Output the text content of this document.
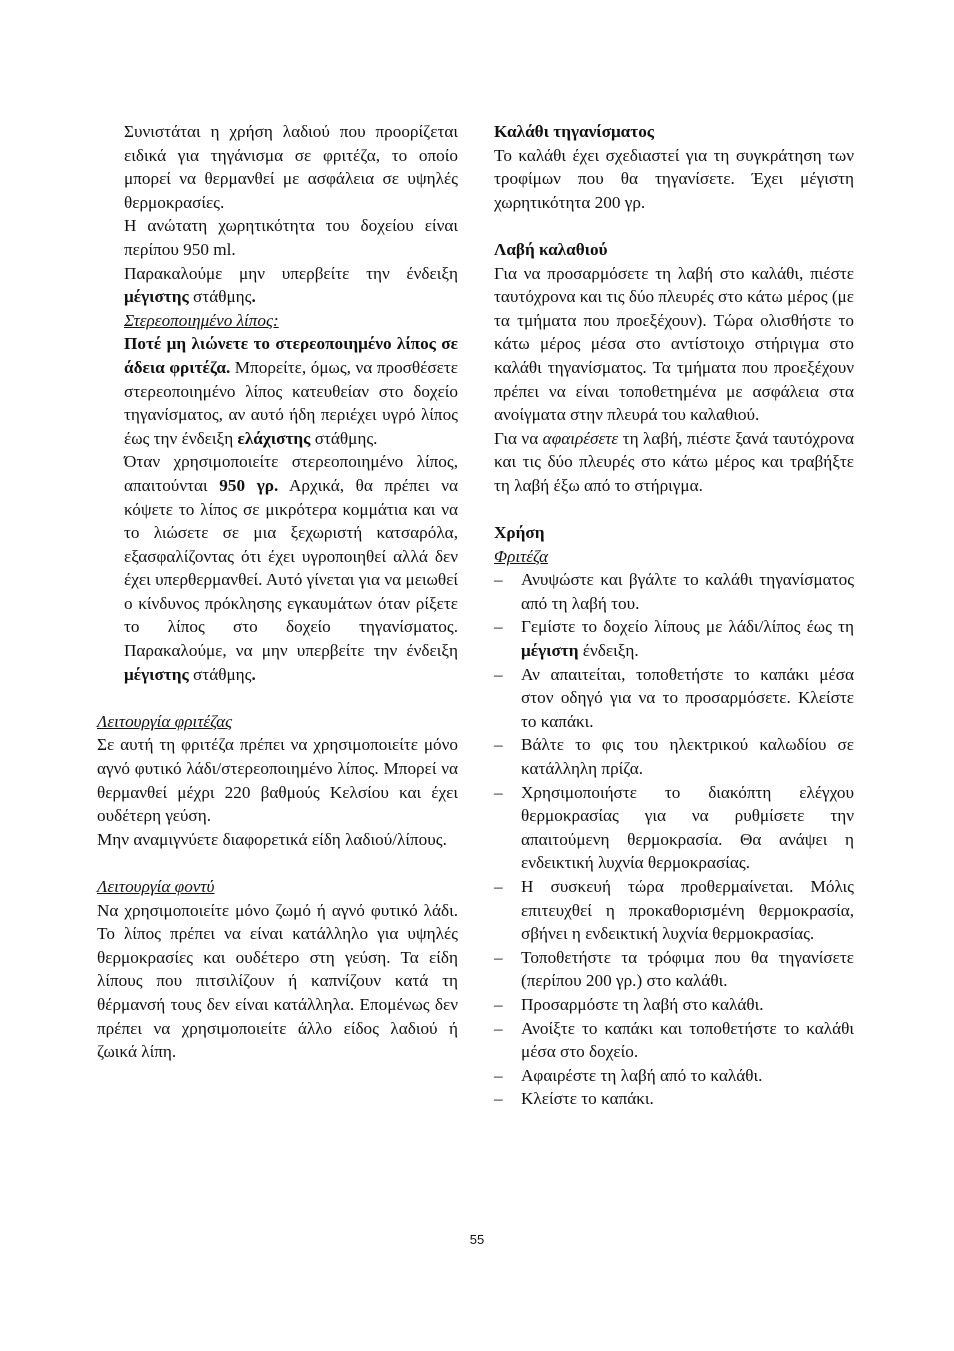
Συνιστάται η χρήση λαδιού που προορίζεται ειδικά για τηγάνισμα σε φριτέζα, το οποίο μπορεί να θερμανθεί με ασφάλεια σε υψηλές θερμοκρασίες.

Η ανώτατη χωρητικότητα του δοχείου είναι περίπου 950 ml.

Παρακαλούμε μην υπερβείτε την ένδειξη μέγιστης στάθμης.

Στερεοποιημένο λίπος:

Ποτέ μη λιώνετε το στερεοποιημένο λίπος σε άδεια φριτέζα. Μπορείτε, όμως, να προσθέσετε στερεοποιημένο λίπος κατευθείαν στο δοχείο τηγανίσματος, αν αυτό ήδη περιέχει υγρό λίπος έως την ένδειξη ελάχιστης στάθμης.

Όταν χρησιμοποιείτε στερεοποιημένο λίπος, απαιτούνται 950 γρ. Αρχικά, θα πρέπει να κόψετε το λίπος σε μικρότερα κομμάτια και να το λιώσετε σε μια ξεχωριστή κατσαρόλα, εξασφαλίζοντας ότι έχει υγροποιηθεί αλλά δεν έχει υπερθερμανθεί. Αυτό γίνεται για να μειωθεί ο κίνδυνος πρόκλησης εγκαυμάτων όταν ρίξετε το λίπος στο δοχείο τηγανίσματος. Παρακαλούμε, να μην υπερβείτε την ένδειξη μέγιστης στάθμης.

Λειτουργία φριτέζας

Σε αυτή τη φριτέζα πρέπει να χρησιμοποιείτε μόνο αγνό φυτικό λάδι/στερεοποιημένο λίπος. Μπορεί να θερμανθεί μέχρι 220 βαθμούς Κελσίου και έχει ουδέτερη γεύση.

Μην αναμιγνύετε διαφορετικά είδη λαδιού/λίπους.

Λειτουργία φοντύ

Να χρησιμοποιείτε μόνο ζωμό ή αγνό φυτικό λάδι. Το λίπος πρέπει να είναι κατάλληλο για υψηλές θερμοκρασίες και ουδέτερο στη γεύση. Τα είδη λίπους που πιτσιλίζουν ή καπνίζουν κατά τη θέρμανσή τους δεν είναι κατάλληλα. Επομένως δεν πρέπει να χρησιμοποιείτε άλλο είδος λαδιού ή ζωικά λίπη.

Καλάθι τηγανίσματος

Το καλάθι έχει σχεδιαστεί για τη συγκράτηση των τροφίμων που θα τηγανίσετε. Έχει μέγιστη χωρητικότητα 200 γρ.

Λαβή καλαθιού

Για να προσαρμόσετε τη λαβή στο καλάθι, πιέστε ταυτόχρονα και τις δύο πλευρές στο κάτω μέρος (με τα τμήματα που προεξέχουν). Τώρα ολισθήστε το κάτω μέρος μέσα στο αντίστοιχο στήριγμα στο καλάθι τηγανίσματος. Τα τμήματα που προεξέχουν πρέπει να είναι τοποθετημένα με ασφάλεια στα ανοίγματα στην πλευρά του καλαθιού.

Για να αφαιρέσετε τη λαβή, πιέστε ξανά ταυτόχρονα και τις δύο πλευρές στο κάτω μέρος και τραβήξτε τη λαβή έξω από το στήριγμα.

Χρήση

Φριτέζα

– Ανυψώστε και βγάλτε το καλάθι τηγανίσματος από τη λαβή του.
– Γεμίστε το δοχείο λίπους με λάδι/λίπος έως τη μέγιστη ένδειξη.
– Αν απαιτείται, τοποθετήστε το καπάκι μέσα στον οδηγό για να το προσαρμόσετε. Κλείστε το καπάκι.
– Βάλτε το φις του ηλεκτρικού καλωδίου σε κατάλληλη πρίζα.
– Χρησιμοποιήστε το διακόπτη ελέγχου θερμοκρασίας για να ρυθμίσετε την απαιτούμενη θερμοκρασία. Θα ανάψει η ενδεικτική λυχνία θερμοκρασίας.
– Η συσκευή τώρα προθερμαίνεται. Μόλις επιτευχθεί η προκαθορισμένη θερμοκρασία, σβήνει η ενδεικτική λυχνία θερμοκρασίας.
– Τοποθετήστε τα τρόφιμα που θα τηγανίσετε (περίπου 200 γρ.) στο καλάθι.
– Προσαρμόστε τη λαβή στο καλάθι.
– Ανοίξτε το καπάκι και τοποθετήστε το καλάθι μέσα στο δοχείο.
– Αφαιρέστε τη λαβή από το καλάθι.
– Κλείστε το καπάκι.
55
